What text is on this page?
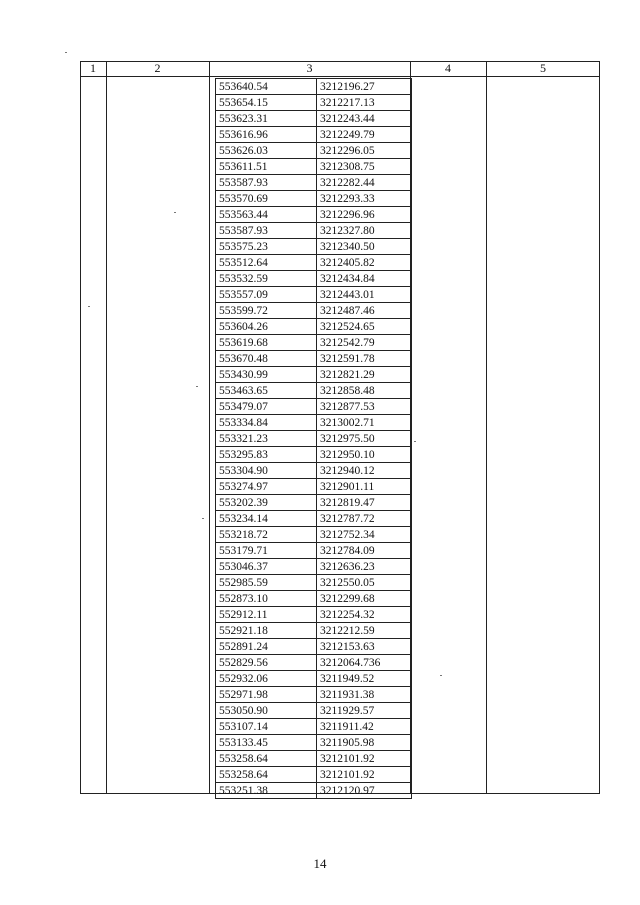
1	2	3	4	5
553640.54	3212196.27
553654.15	3212217.13
553623.31	3212243.44
553616.96	3212249.79
553626.03	3212296.05
553611.51	3212308.75
553587.93	3212282.44
553570.69	3212293.33
553563.44	3212296.96
553587.93	3212327.80
553575.23	3212340.50
553512.64	3212405.82
553532.59	3212434.84
553557.09	3212443.01
553599.72	3212487.46
553604.26	3212524.65
553619.68	3212542.79
553670.48	3212591.78
553430.99	3212821.29
553463.65	3212858.48
553479.07	3212877.53
553334.84	3213002.71
553321.23	3212975.50
553295.83	3212950.10
553304.90	3212940.12
553274.97	3212901.11
553202.39	3212819.47
553234.14	3212787.72
553218.72	3212752.34
553179.71	3212784.09
553046.37	3212636.23
552985.59	3212550.05
552873.10	3212299.68
552912.11	3212254.32
552921.18	3212212.59
552891.24	3212153.63
552829.56	3212064.736
552932.06	3211949.52
552971.98	3211931.38
553050.90	3211929.57
553107.14	3211911.42
553133.45	3211905.98
553258.64	3212101.92
553258.64	3212101.92
553251.38	3212120.97
14
